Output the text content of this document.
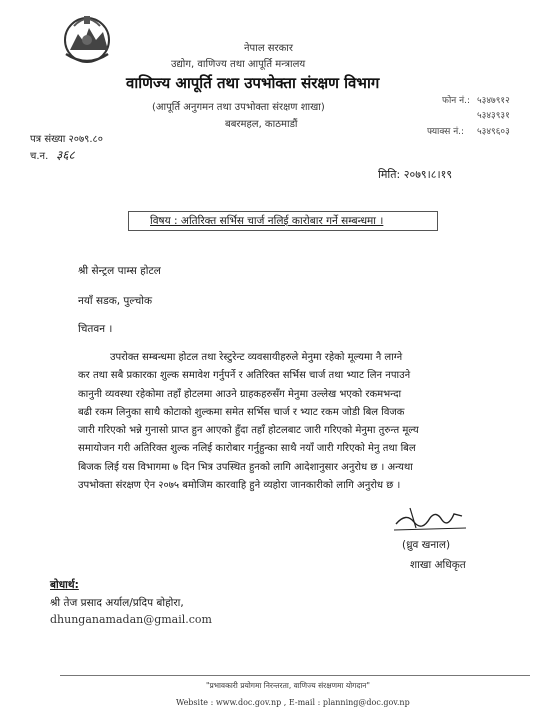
नेपाल सरकार
उद्योग, वाणिज्य तथा आपूर्ति मन्त्रालय
वाणिज्य आपूर्ति तथा उपभोक्ता संरक्षण विभाग
(आपूर्ति अनुगमन तथा उपभोक्ता संरक्षण शाखा)
बबरमहल, काठमाडौं
फोन नं.: ५३४७९१२
५३४३९३१
फ्याक्स नं.: ५३४९६०३
पत्र संख्या २०७९.८०
च.न. ३६८
मिति: २०७९।८।१९
विषय : अतिरिक्त सर्भिस चार्ज नलिई कारोबार गर्ने सम्बन्धमा ।
श्री सेन्ट्रल पाम्स होटल
नयाँ सडक, पुल्चोक
चितवन ।
उपरोक्त सम्बन्धमा होटल तथा रेस्टुरेन्ट व्यवसायीहरुले मेनुमा रहेको मूल्यमा नै लाग्ने
कर तथा सबै प्रकारका शुल्क समावेश गर्नुपर्ने र अतिरिक्त सर्भिस चार्ज तथा भ्याट लिन नपाउने
कानुनी व्यवस्था रहेकोमा तहाँ होटलमा आउने ग्राहकहरुसँग मेनुमा उल्लेख भएको रकमभन्दा
बढी रकम लिनुका साथै कोटाको शुल्कमा समेत सर्भिस चार्ज र भ्याट रकम जोडी बिल विजक
जारी गरिएको भन्ने गुनासो प्राप्त हुन आएको हुँदा तहाँ होटलबाट जारी गरिएको मेनुमा तुरुन्त मूल्य
समायोजन गरी अतिरिक्त शुल्क नलिई कारोबार गर्नुहुन्का साथै नयाँ जारी गरिएको मेनु तथा बिल
बिजक लिई यस विभागमा ७ दिन भित्र उपस्थित हुनको लागि आदेशानुसार अनुरोध छ । अन्यथा
उपभोक्ता संरक्षण ऐन २०७५ बमोजिम कारवाहि हुने व्यहोरा जानकारीको लागि अनुरोध छ ।
(ध्रुव खनाल)
शाखा अधिकृत
बोधार्थ:
श्री तेज प्रसाद अर्याल/प्रदिप बोहोरा,
dhunganamadan@gmail.com
"प्रभावकारी प्रयोगमा निरन्तरता, वाणिज्य संरक्षणमा योगदान"
Website : www.doc.gov.np , E-mail : planning@doc.gov.np
